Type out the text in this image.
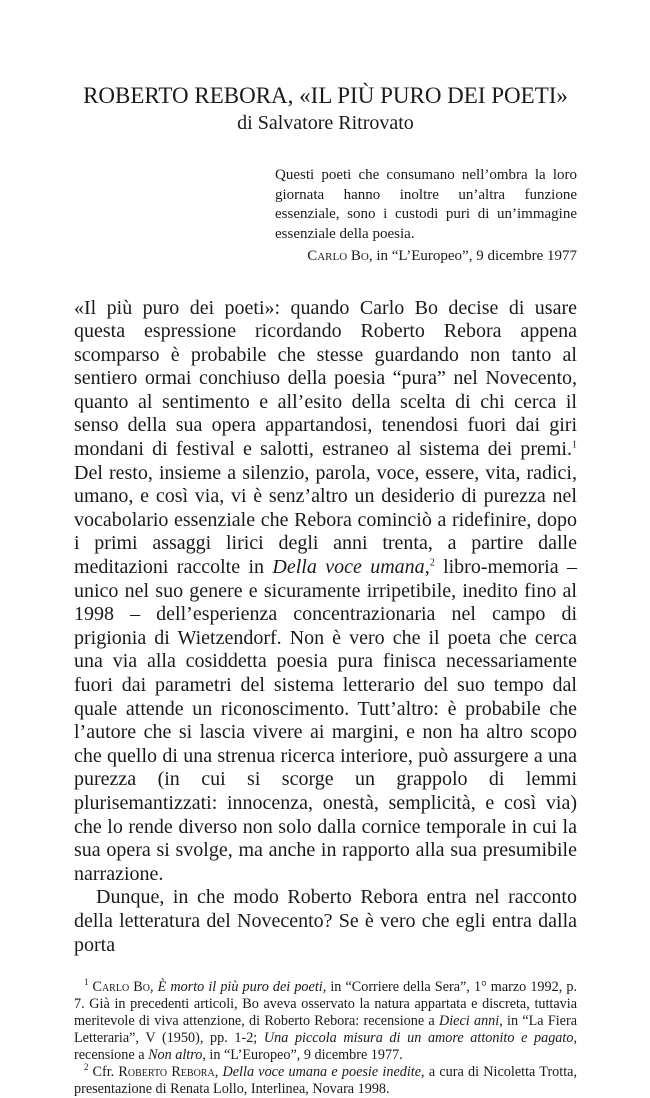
ROBERTO REBORA, «IL PIÙ PURO DEI POETI»
di Salvatore Ritrovato
Questi poeti che consumano nell’ombra la loro giornata hanno inoltre un’altra funzione essenziale, sono i custodi puri di un’immagine essenziale della poesia.
Carlo Bo, in “L’Europeo”, 9 dicembre 1977

«Il più puro dei poeti»: quando Carlo Bo decise di usare questa espressione ricordando Roberto Rebora appena scomparso è probabile che stesse guardando non tanto al sentiero ormai conchiuso della poesia “pura” nel Novecento, quanto al sentimento e all’esito della scelta di chi cerca il senso della sua opera appartandosi, tenendosi fuori dai giri mondani di festival e salotti, estraneo al sistema dei premi.$^1$ Del resto, insieme a silenzio, parola, voce, essere, vita, radici, umano, e così via, vi è senz’altro un desiderio di purezza nel vocabolario essenziale che Rebora cominciò a ridefinire, dopo i primi assaggi lirici degli anni trenta, a partire dalle meditazioni raccolte in Della voce umana,$^2$ libro-memoria – unico nel suo genere e sicuramente irripetibile, inedito fino al 1998 – dell’esperienza concentrazionaria nel campo di prigionia di Wietzendorf. Non è vero che il poeta che cerca una via alla cosiddetta poesia pura finisca necessariamente fuori dai parametri del sistema letterario del suo tempo dal quale attende un riconoscimento. Tutt’altro: è probabile che l’autore che si lascia vivere ai margini, e non ha altro scopo che quello di una strenua ricerca interiore, può assurgere a una purezza (in cui si scorge un grappolo di lemmi plurisemantizzati: innocenza, onestà, semplicità, e così via) che lo rende diverso non solo dalla cornice temporale in cui la sua opera si svolge, ma anche in rapporto alla sua presumibile narrazione.

Dunque, in che modo Roberto Rebora entra nel racconto della letteratura del Novecento? Se è vero che egli entra dalla porta

$^1$ Carlo Bo, È morto il più puro dei poeti, in “Corriere della Sera”, 1° marzo 1992, p. 7. Già in precedenti articoli, Bo aveva osservato la natura appartata e discreta, tuttavia meritevole di viva attenzione, di Roberto Rebora: recensione a Dieci anni, in “La Fiera Letteraria”, V (1950), pp. 1-2; Una piccola misura di un amore attonito e pagato, recensione a Non altro, in “L’Europeo”, 9 dicembre 1977.

$^2$ Cfr. Roberto Rebora, Della voce umana e poesie inedite, a cura di Nicoletta Trotta, presentazione di Renata Lollo, Interlinea, Novara 1998.
